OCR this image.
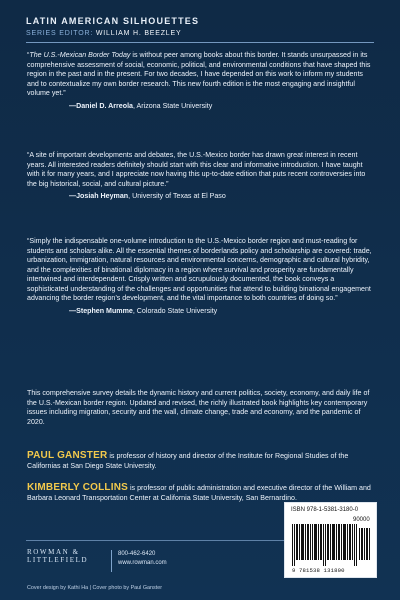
LATIN AMERICAN SILHOUETTES
SERIES EDITOR: WILLIAM H. BEEZLEY
“The U.S.-Mexican Border Today is without peer among books about this border. It stands unsurpassed in its comprehensive assessment of social, economic, political, and environmental conditions that have shaped this region in the past and in the present. For two decades, I have depended on this work to inform my students and to contextualize my own border research. This new fourth edition is the most engaging and insightful volume yet.”
—Daniel D. Arreola, Arizona State University
“A site of important developments and debates, the U.S.-Mexico border has drawn great interest in recent years. All interested readers definitely should start with this clear and informative introduction. I have taught with it for many years, and I appreciate now having this up-to-date edition that puts recent controversies into the big historical, social, and cultural picture.”
—Josiah Heyman, University of Texas at El Paso
“Simply the indispensable one-volume introduction to the U.S.-Mexico border region and must-reading for students and scholars alike. All the essential themes of borderlands policy and scholarship are covered: trade, urbanization, immigration, natural resources and environmental concerns, demographic and cultural hybridity, and the complexities of binational diplomacy in a region where survival and prosperity are fundamentally intertwined and interdependent. Crisply written and scrupulously documented, the book conveys a sophisticated understanding of the challenges and opportunities that attend to building binational engagement advancing the border region’s development, and the vital importance to both countries of doing so.”
—Stephen Mumme, Colorado State University
This comprehensive survey details the dynamic history and current politics, society, economy, and daily life of the U.S.-Mexican border region. Updated and revised, the richly illustrated book highlights key contemporary issues including migration, security and the wall, climate change, trade and economy, and the pandemic of 2020.
PAUL GANSTER is professor of history and director of the Institute for Regional Studies of the Californias at San Diego State University.
KIMBERLY COLLINS is professor of public administration and executive director of the William and Barbara Leonard Transportation Center at California State University, San Bernardino.
ROWMAN &
LITTLEFIELD
800-462-6420
www.rowman.com
Cover design by Kathi Ha | Cover photo by Paul Ganster
ISBN 978-1-5381-3180-0
90000
9 781538 131800
